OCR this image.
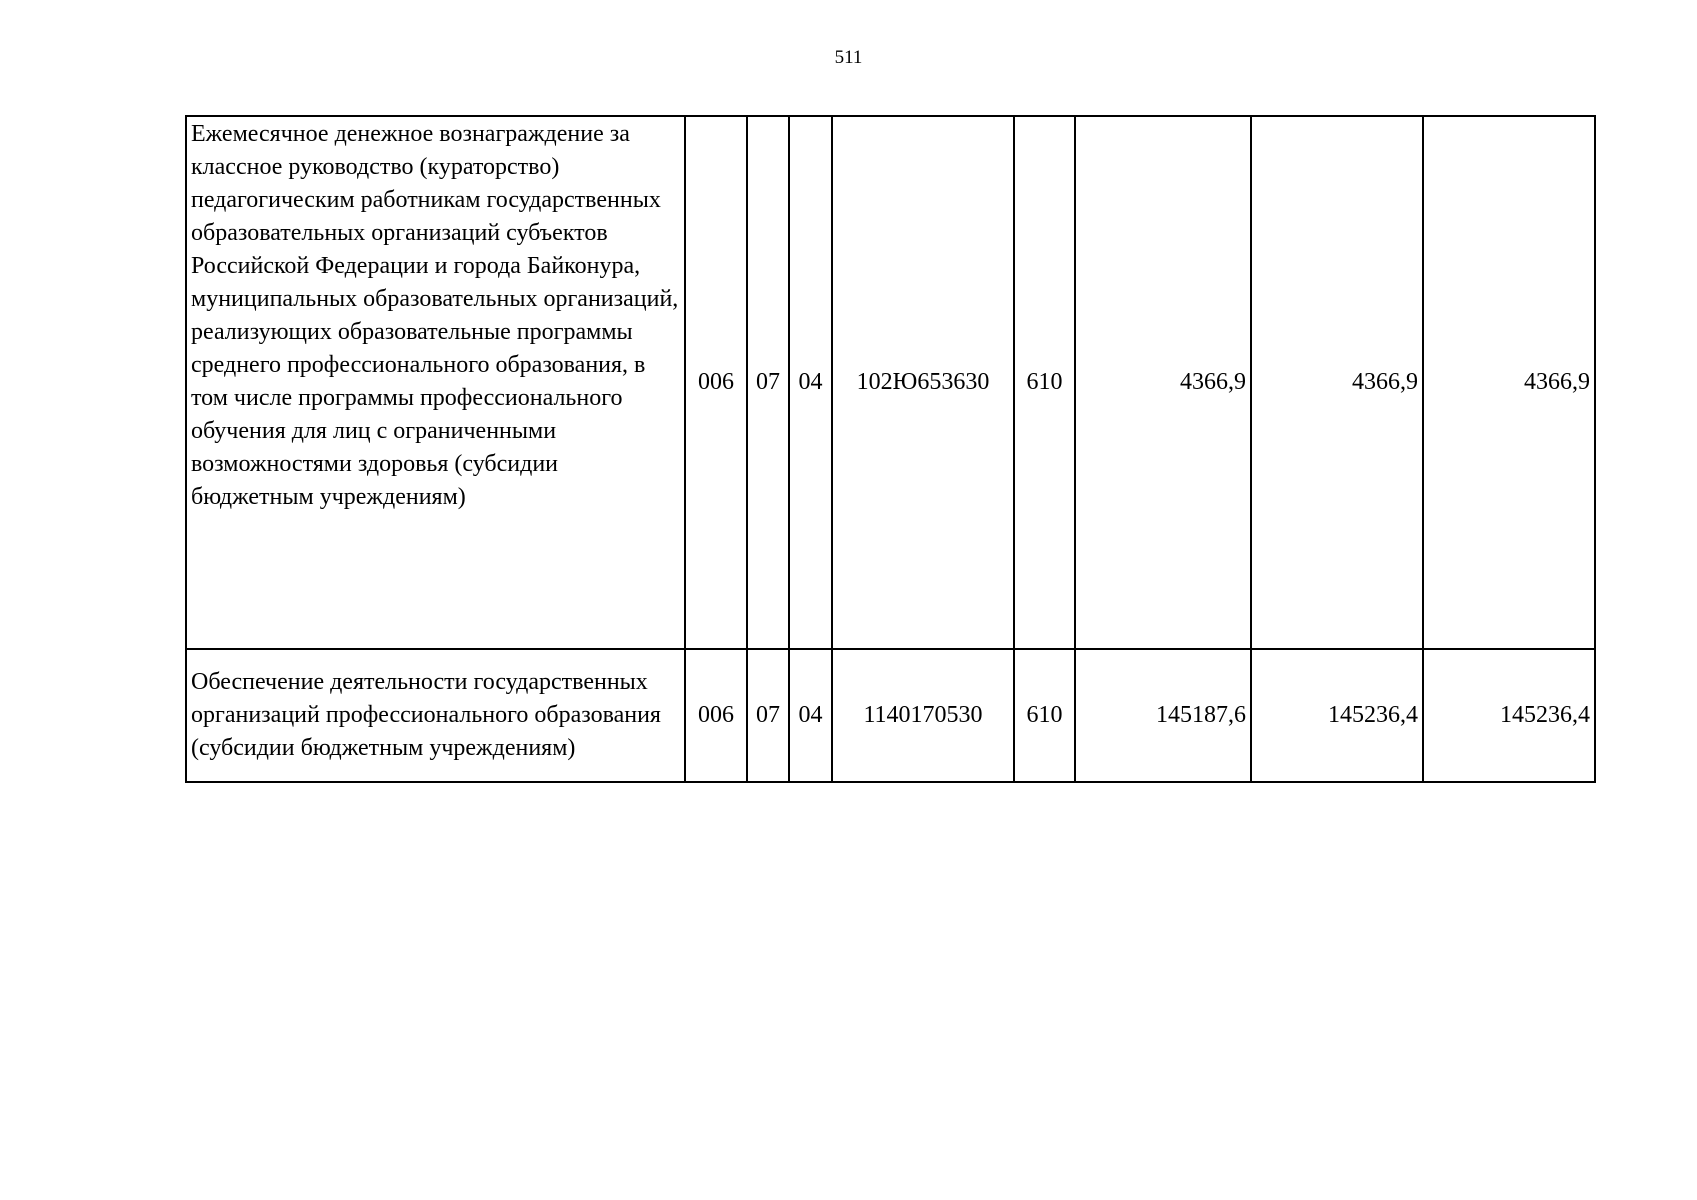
511
Ежемесячное денежное вознаграждение за классное руководство (кураторство) педагогическим работникам государственных образовательных организаций субъектов Российской Федерации и города Байконура, муниципальных образовательных организаций, реализующих образовательные программы среднего профессионального образования, в том числе программы профессионального обучения для лиц с ограниченными возможностями здоровья (субсидии бюджетным учреждениям)	006	07	04	102Ю653630	610	4366,9	4366,9	4366,9
Обеспечение деятельности государственных организаций профессионального образования (субсидии бюджетным учреждениям)	006	07	04	1140170530	610	145187,6	145236,4	145236,4
